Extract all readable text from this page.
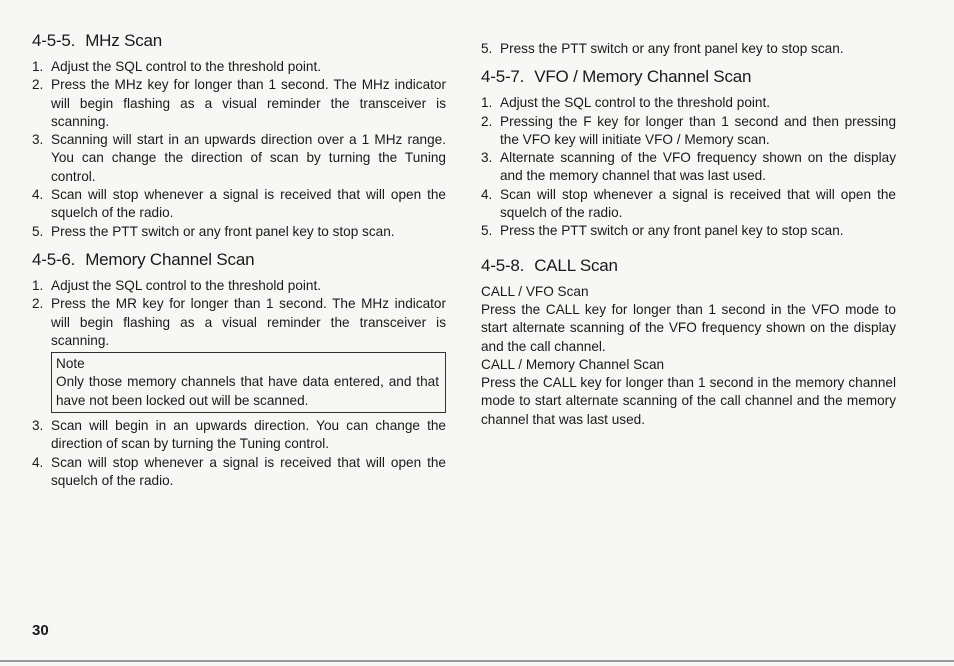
4-5-5. MHz Scan
1. Adjust the SQL control to the threshold point.
2. Press the MHz key for longer than 1 second. The MHz indicator will begin flashing as a visual reminder the transceiver is scanning.
3. Scanning will start in an upwards direction over a 1 MHz range. You can change the direction of scan by turning the Tuning control.
4. Scan will stop whenever a signal is received that will open the squelch of the radio.
5. Press the PTT switch or any front panel key to stop scan.
4-5-6. Memory Channel Scan
1. Adjust the SQL control to the threshold point.
2. Press the MR key for longer than 1 second. The MHz indicator will begin flashing as a visual reminder the transceiver is scanning.
Note
Only those memory channels that have data entered, and that have not been locked out will be scanned.
3. Scan will begin in an upwards direction. You can change the direction of scan by turning the Tuning control.
4. Scan will stop whenever a signal is received that will open the squelch of the radio.
5. Press the PTT switch or any front panel key to stop scan.
4-5-7. VFO / Memory Channel Scan
1. Adjust the SQL control to the threshold point.
2. Pressing the F key for longer than 1 second and then pressing the VFO key will initiate VFO / Memory scan.
3. Alternate scanning of the VFO frequency shown on the display and the memory channel that was last used.
4. Scan will stop whenever a signal is received that will open the squelch of the radio.
5. Press the PTT switch or any front panel key to stop scan.
4-5-8. CALL Scan
CALL / VFO Scan
Press the CALL key for longer than 1 second in the VFO mode to start alternate scanning of the VFO frequency shown on the display and the call channel.
CALL / Memory Channel Scan
Press the CALL key for longer than 1 second in the memory channel mode to start alternate scanning of the call channel and the memory channel that was last used.
30
